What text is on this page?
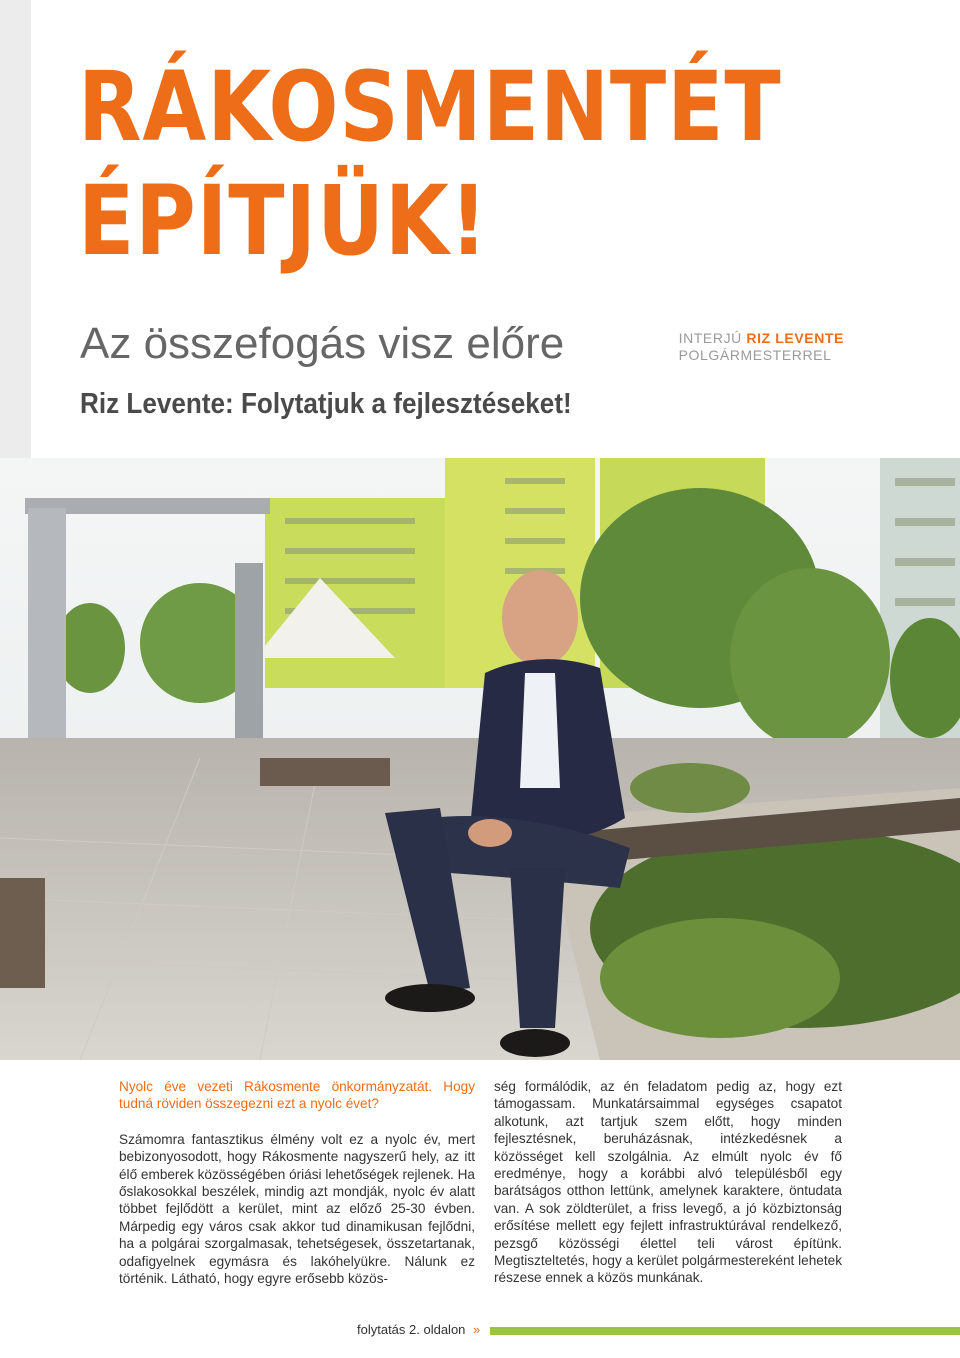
RÁKOSMENTÉT
ÉPÍTJÜK!
Az összefogás visz előre	INTERJÚ RIZ LEVENTE
POLGÁRMESTERREL
Riz Levente: Folytatjuk a fejlesztéseket!

Nyolc éve vezeti Rákosmente önkormányzatát. Hogy tudná röviden összegezni ezt a nyolc évet?

Számomra fantasztikus élmény volt ez a nyolc év, mert bebizonyosodott, hogy Rákosmente nagyszerű hely, az itt élő emberek közösségében óriási lehetőségek rejlenek. Ha őslakosokkal beszélek, mindig azt mondják, nyolc év alatt többet fejlődött a kerület, mint az előző 25-30 évben. Márpedig egy város csak akkor tud dinamikusan fejlődni, ha a polgárai szorgalmasak, tehetségesek, összetartanak, odafigyelnek egymásra és lakóhelyükre. Nálunk ez történik. Látható, hogy egyre erősebb közös-

ség formálódik, az én feladatom pedig az, hogy ezt támogassam. Munkatársaimmal egységes csapatot alkotunk, azt tartjuk szem előtt, hogy minden fejlesztésnek, beruházásnak, intézkedésnek a közösséget kell szolgálnia. Az elmúlt nyolc év fő eredménye, hogy a korábbi alvó településből egy barátságos otthon lettünk, amelynek karaktere, öntudata van. A sok zöldterület, a friss levegő, a jó közbiztonság erősítése mellett egy fejlett infrastruktúrával rendelkező, pezsgő közösségi élettel teli várost építünk. Megtiszteltetés, hogy a kerület polgármestereként lehetek részese ennek a közös munkának.

folytatás 2. oldalon »
